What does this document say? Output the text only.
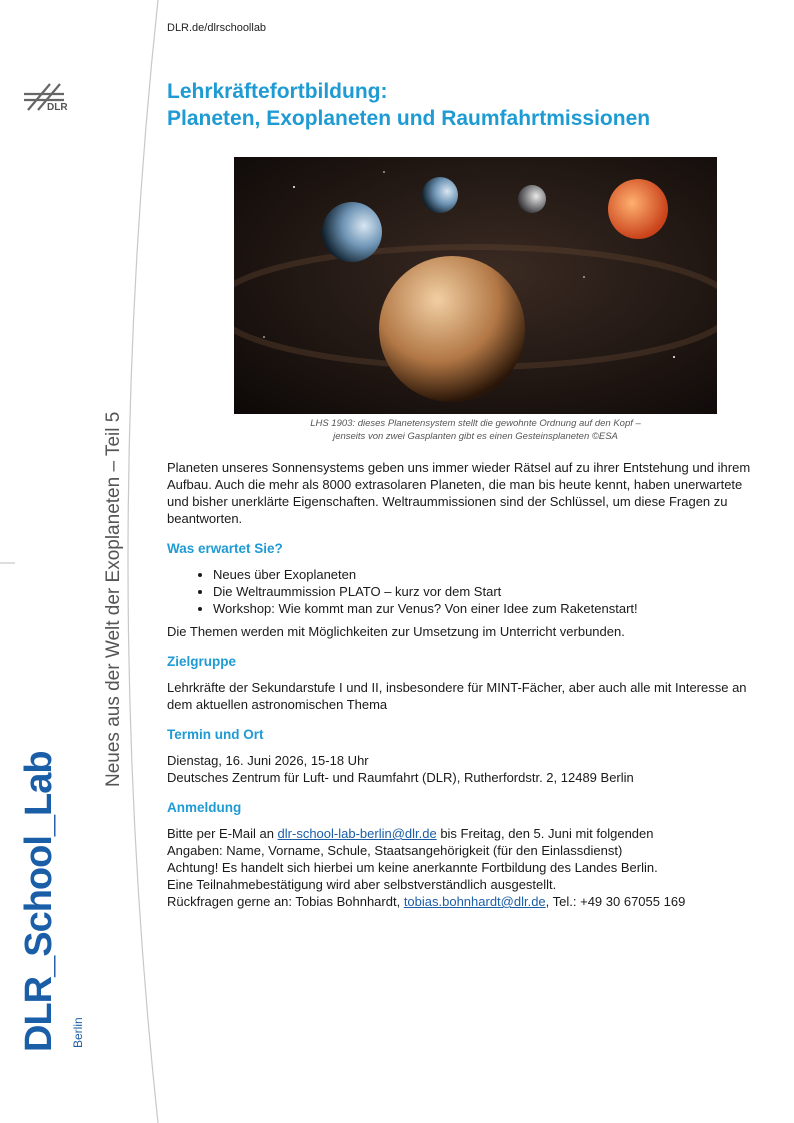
DLR.de/dlrschoollab
DLR
Neues aus der Welt der Exoplaneten – Teil 5
DLR_School_Lab Berlin
Lehrkräftefortbildung:
Planeten, Exoplaneten und Raumfahrtmissionen
LHS 1903: dieses Planetensystem stellt die gewohnte Ordnung auf den Kopf –
jenseits von zwei Gasplanten gibt es einen Gesteinsplaneten ©ESA

Planeten unseres Sonnensystems geben uns immer wieder Rätsel auf zu ihrer Entstehung und ihrem Aufbau. Auch die mehr als 8000 extrasolaren Planeten, die man bis heute kennt, haben unerwartete und bisher unerklärte Eigenschaften. Weltraummissionen sind der Schlüssel, um diese Fragen zu beantworten.

Was erwartet Sie?
• Neues über Exoplaneten
• Die Weltraummission PLATO – kurz vor dem Start
• Workshop: Wie kommt man zur Venus? Von einer Idee zum Raketenstart!

Die Themen werden mit Möglichkeiten zur Umsetzung im Unterricht verbunden.

Zielgruppe

Lehrkräfte der Sekundarstufe I und II, insbesondere für MINT-Fächer, aber auch alle mit Interesse an dem aktuellen astronomischen Thema

Termin und Ort

Dienstag, 16. Juni 2026, 15-18 Uhr
Deutsches Zentrum für Luft- und Raumfahrt (DLR), Rutherfordstr. 2, 12489 Berlin

Anmeldung

Bitte per E-Mail an dlr-school-lab-berlin@dlr.de bis Freitag, den 5. Juni mit folgenden
Angaben: Name, Vorname, Schule, Staatsangehörigkeit (für den Einlassdienst)
Achtung! Es handelt sich hierbei um keine anerkannte Fortbildung des Landes Berlin.
Eine Teilnahmebestätigung wird aber selbstverständlich ausgestellt.
Rückfragen gerne an: Tobias Bohnhardt, tobias.bohnhardt@dlr.de, Tel.: +49 30 67055 169
